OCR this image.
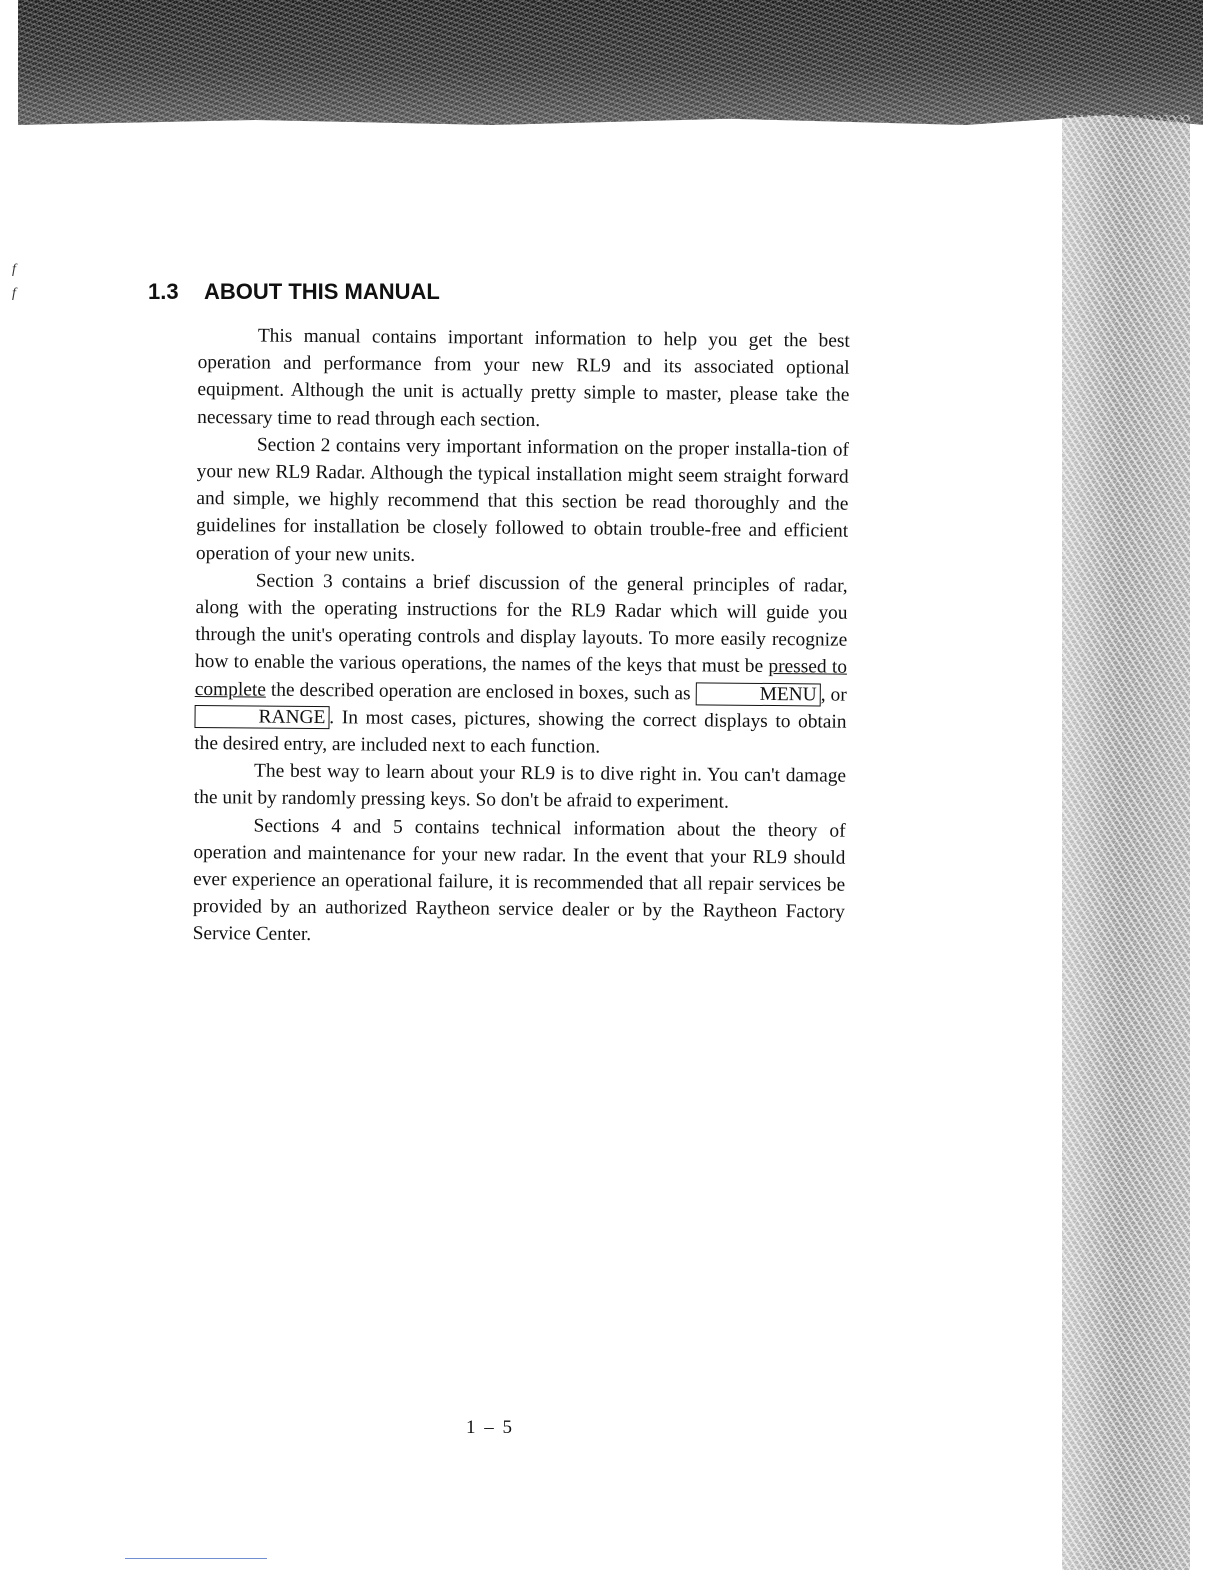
f
f	1.3 ABOUT THIS MANUAL

This manual contains important information to help you get the best operation and performance from your new RL9 and its associated optional equipment. Although the unit is actually pretty simple to master, please take the necessary time to read through each section.

Section 2 contains very important information on the proper installa-tion of your new RL9 Radar. Although the typical installation might seem straight forward and simple, we highly recommend that this section be read thoroughly and the guidelines for installation be closely followed to obtain trouble-free and efficient operation of your new units.

Section 3 contains a brief discussion of the general principles of radar, along with the operating instructions for the RL9 Radar which will guide you through the unit's operating controls and display layouts. To more easily recognize how to enable the various operations, the names of the keys that must be pressed to complete the described operation are enclosed in boxes, such as	MENU , or RANGE . In most cases, pictures, showing the correct displays to obtain the desired entry, are included next to each function.

The best way to learn about your RL9 is to dive right in. You can't damage the unit by randomly pressing keys. So don't be afraid to experiment.

Sections 4 and 5 contains technical information about the theory of operation and maintenance for your new radar. In the event that your RL9 should ever experience an operational failure, it is recommended that all repair services be provided by an authorized Raytheon service dealer or by the Raytheon Factory Service Center.

1 – 5
